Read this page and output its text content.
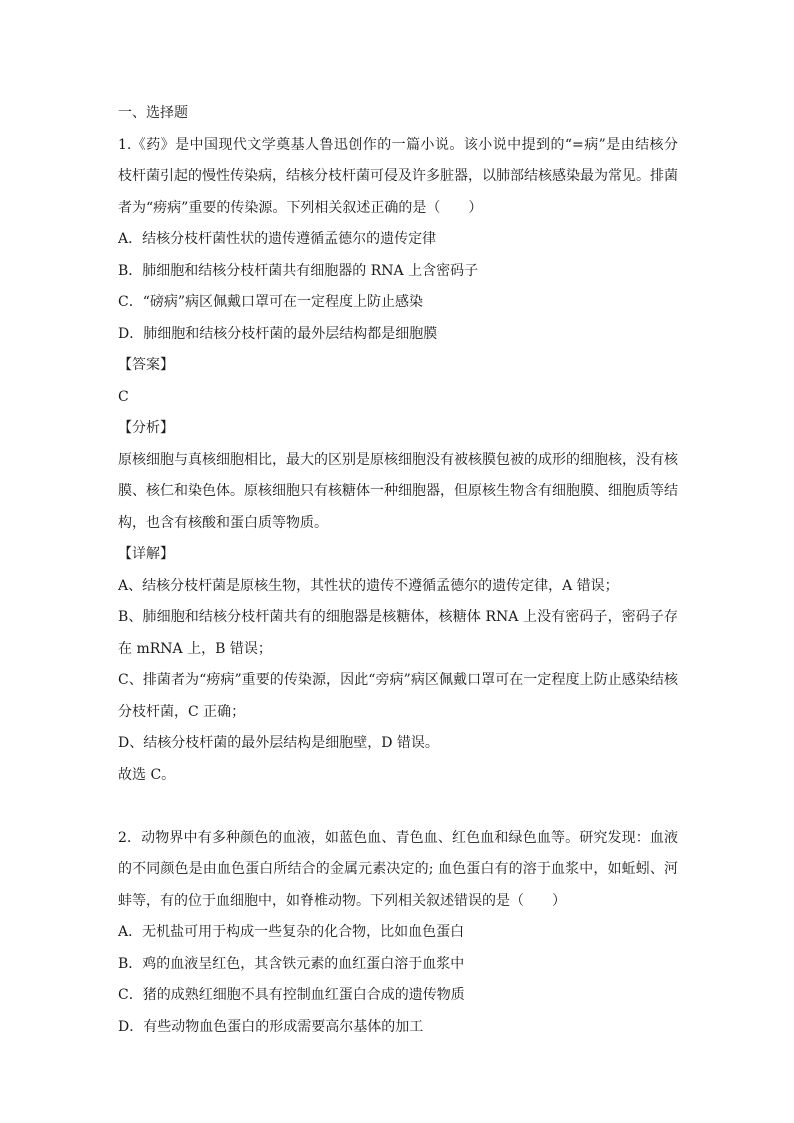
一、选择题
1.《药》是中国现代文学奠基人鲁迅创作的一篇小说。该小说中提到的“=病”是由结核分
枝杆菌引起的慢性传染病，结核分枝杆菌可侵及许多脏器，以肺部结核感染最为常见。排菌
者为“痨病”重要的传染源。下列相关叙述正确的是（　　）
A．结核分枝杆菌性状的遗传遵循孟德尔的遗传定律
B．肺细胞和结核分枝杆菌共有细胞器的 RNA 上含密码子
C．“磅病”病区佩戴口罩可在一定程度上防止感染
D．肺细胞和结核分枝杆菌的最外层结构都是细胞膜
【答案】
C
【分析】
原核细胞与真核细胞相比，最大的区别是原核细胞没有被核膜包被的成形的细胞核，没有核
膜、核仁和染色体。原核细胞只有核糖体一种细胞器，但原核生物含有细胞膜、细胞质等结
构，也含有核酸和蛋白质等物质。
【详解】
A、结核分枝杆菌是原核生物，其性状的遗传不遵循孟德尔的遗传定律，A 错误；
B、肺细胞和结核分枝杆菌共有的细胞器是核糖体，核糖体 RNA 上没有密码子，密码子存
在 mRNA 上，B 错误；
C、排菌者为“痨病”重要的传染源，因此“旁病”病区佩戴口罩可在一定程度上防止感染结核
分枝杆菌，C 正确；
D、结核分枝杆菌的最外层结构是细胞壁，D 错误。
故选 C。
2．动物界中有多种颜色的血液，如蓝色血、青色血、红色血和绿色血等。研究发现：血液
的不同颜色是由血色蛋白所结合的金属元素决定的; 血色蛋白有的溶于血浆中，如蚯蚓、河
蚌等，有的位于血细胞中，如脊椎动物。下列相关叙述错误的是（　　）
A．无机盐可用于构成一些复杂的化合物，比如血色蛋白
B．鸡的血液呈红色，其含铁元素的血红蛋白溶于血浆中
C．猪的成熟红细胞不具有控制血红蛋白合成的遗传物质
D．有些动物血色蛋白的形成需要高尔基体的加工
